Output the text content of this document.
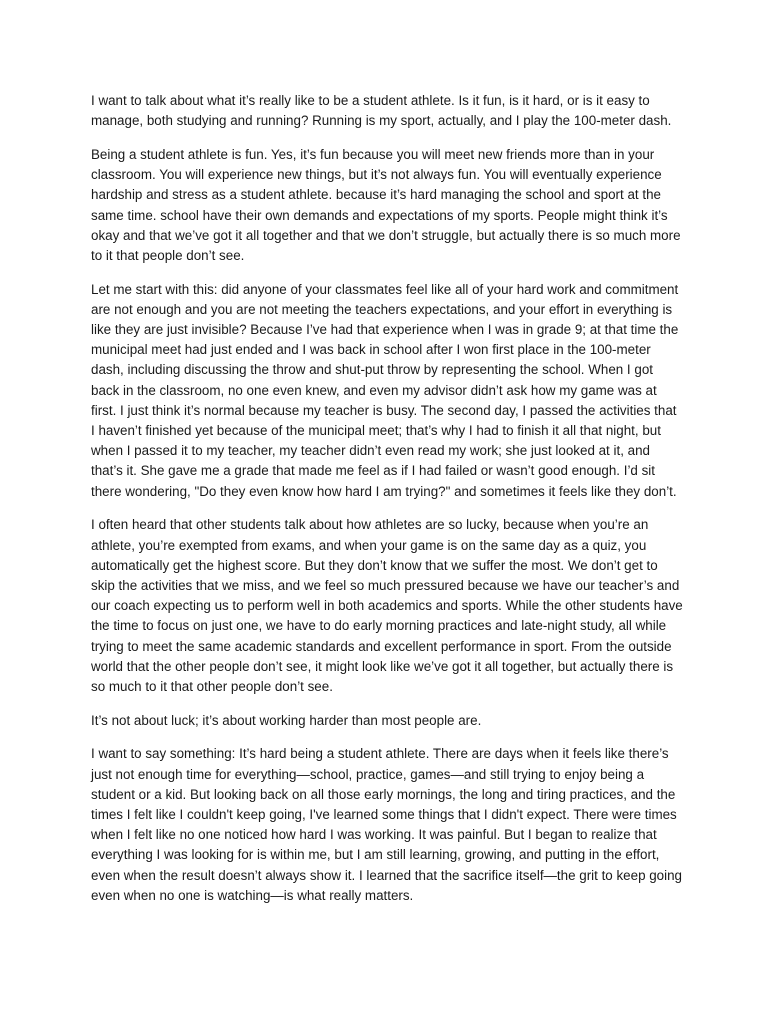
I want to talk about what it’s really like to be a student athlete. Is it fun, is it hard, or is it easy to manage, both studying and running? Running is my sport, actually, and I play the 100-meter dash.

Being a student athlete is fun. Yes, it’s fun because you will meet new friends more than in your classroom. You will experience new things, but it’s not always fun. You will eventually experience hardship and stress as a student athlete. because it’s hard managing the school and sport at the same time. school have their own demands and expectations of my sports. People might think it’s okay and that we’ve got it all together and that we don’t struggle, but actually there is so much more to it that people don’t see.

Let me start with this: did anyone of your classmates feel like all of your hard work and commitment are not enough and you are not meeting the teachers expectations, and your effort in everything is like they are just invisible? Because I’ve had that experience when I was in grade 9; at that time the municipal meet had just ended and I was back in school after I won first place in the 100-meter dash, including discussing the throw and shut-put throw by representing the school. When I got back in the classroom, no one even knew, and even my advisor didn’t ask how my game was at first. I just think it’s normal because my teacher is busy. The second day, I passed the activities that I haven’t finished yet because of the municipal meet; that’s why I had to finish it all that night, but when I passed it to my teacher, my teacher didn’t even read my work; she just looked at it, and that’s it. She gave me a grade that made me feel as if I had failed or wasn’t good enough. I’d sit there wondering, "Do they even know how hard I am trying?" and sometimes it feels like they don’t.

I often heard that other students talk about how athletes are so lucky, because when you’re an athlete, you’re exempted from exams, and when your game is on the same day as a quiz, you automatically get the highest score. But they don’t know that we suffer the most. We don’t get to skip the activities that we miss, and we feel so much pressured because we have our teacher’s and our coach expecting us to perform well in both academics and sports. While the other students have the time to focus on just one, we have to do early morning practices and late-night study, all while trying to meet the same academic standards and excellent performance in sport. From the outside world that the other people don’t see, it might look like we’ve got it all together, but actually there is so much to it that other people don’t see.

It’s not about luck; it’s about working harder than most people are.

I want to say something: It’s hard being a student athlete. There are days when it feels like there’s just not enough time for everything—school, practice, games—and still trying to enjoy being a student or a kid. But looking back on all those early mornings, the long and tiring practices, and the times I felt like I couldn't keep going, I've learned some things that I didn't expect. There were times when I felt like no one noticed how hard I was working. It was painful. But I began to realize that everything I was looking for is within me, but I am still learning, growing, and putting in the effort, even when the result doesn’t always show it. I learned that the sacrifice itself—the grit to keep going even when no one is watching—is what really matters.
